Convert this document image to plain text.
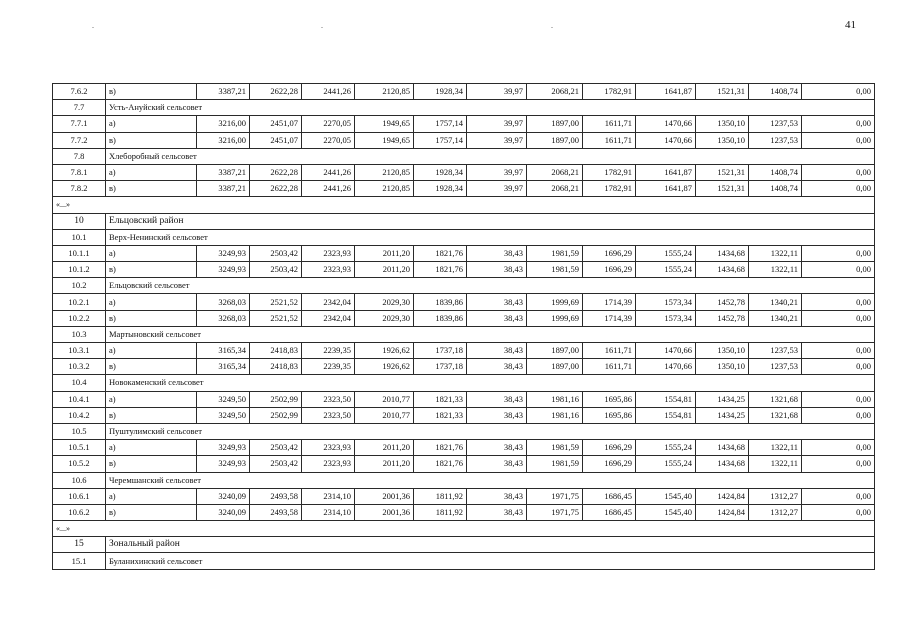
.	.	.	41
7.6.2	в)	3387,21	2622,28	2441,26	2120,85	1928,34	39,97	2068,21	1782,91	1641,87	1521,31	1408,74	0,00
7.7	Усть-Ануйский сельсовет												
7.7.1	а)	3216,00	2451,07	2270,05	1949,65	1757,14	39,97	1897,00	1611,71	1470,66	1350,10	1237,53	0,00
7.7.2	в)	3216,00	2451,07	2270,05	1949,65	1757,14	39,97	1897,00	1611,71	1470,66	1350,10	1237,53	0,00
7.8	Хлеборобный сельсовет												
7.8.1	а)	3387,21	2622,28	2441,26	2120,85	1928,34	39,97	2068,21	1782,91	1641,87	1521,31	1408,74	0,00
7.8.2	в)	3387,21	2622,28	2441,26	2120,85	1928,34	39,97	2068,21	1782,91	1641,87	1521,31	1408,74	0,00
«...»													
10	Ельцовский район												
10.1	Верх-Ненинский сельсовет												
10.1.1	а)	3249,93	2503,42	2323,93	2011,20	1821,76	38,43	1981,59	1696,29	1555,24	1434,68	1322,11	0,00
10.1.2	в)	3249,93	2503,42	2323,93	2011,20	1821,76	38,43	1981,59	1696,29	1555,24	1434,68	1322,11	0,00
10.2	Ельцовский сельсовет												
10.2.1	а)	3268,03	2521,52	2342,04	2029,30	1839,86	38,43	1999,69	1714,39	1573,34	1452,78	1340,21	0,00
10.2.2	в)	3268,03	2521,52	2342,04	2029,30	1839,86	38,43	1999,69	1714,39	1573,34	1452,78	1340,21	0,00
10.3	Мартыновский сельсовет												
10.3.1	а)	3165,34	2418,83	2239,35	1926,62	1737,18	38,43	1897,00	1611,71	1470,66	1350,10	1237,53	0,00
10.3.2	в)	3165,34	2418,83	2239,35	1926,62	1737,18	38,43	1897,00	1611,71	1470,66	1350,10	1237,53	0,00
10.4	Новокаменский сельсовет												
10.4.1	а)	3249,50	2502,99	2323,50	2010,77	1821,33	38,43	1981,16	1695,86	1554,81	1434,25	1321,68	0,00
10.4.2	в)	3249,50	2502,99	2323,50	2010,77	1821,33	38,43	1981,16	1695,86	1554,81	1434,25	1321,68	0,00
10.5	Пуштулимский сельсовет												
10.5.1	а)	3249,93	2503,42	2323,93	2011,20	1821,76	38,43	1981,59	1696,29	1555,24	1434,68	1322,11	0,00
10.5.2	в)	3249,93	2503,42	2323,93	2011,20	1821,76	38,43	1981,59	1696,29	1555,24	1434,68	1322,11	0,00
10.6	Черемшанский сельсовет												
10.6.1	а)	3240,09	2493,58	2314,10	2001,36	1811,92	38,43	1971,75	1686,45	1545,40	1424,84	1312,27	0,00
10.6.2	в)	3240,09	2493,58	2314,10	2001,36	1811,92	38,43	1971,75	1686,45	1545,40	1424,84	1312,27	0,00
«...»													
15	Зональный район												
15.1	Буланихинский сельсовет												
